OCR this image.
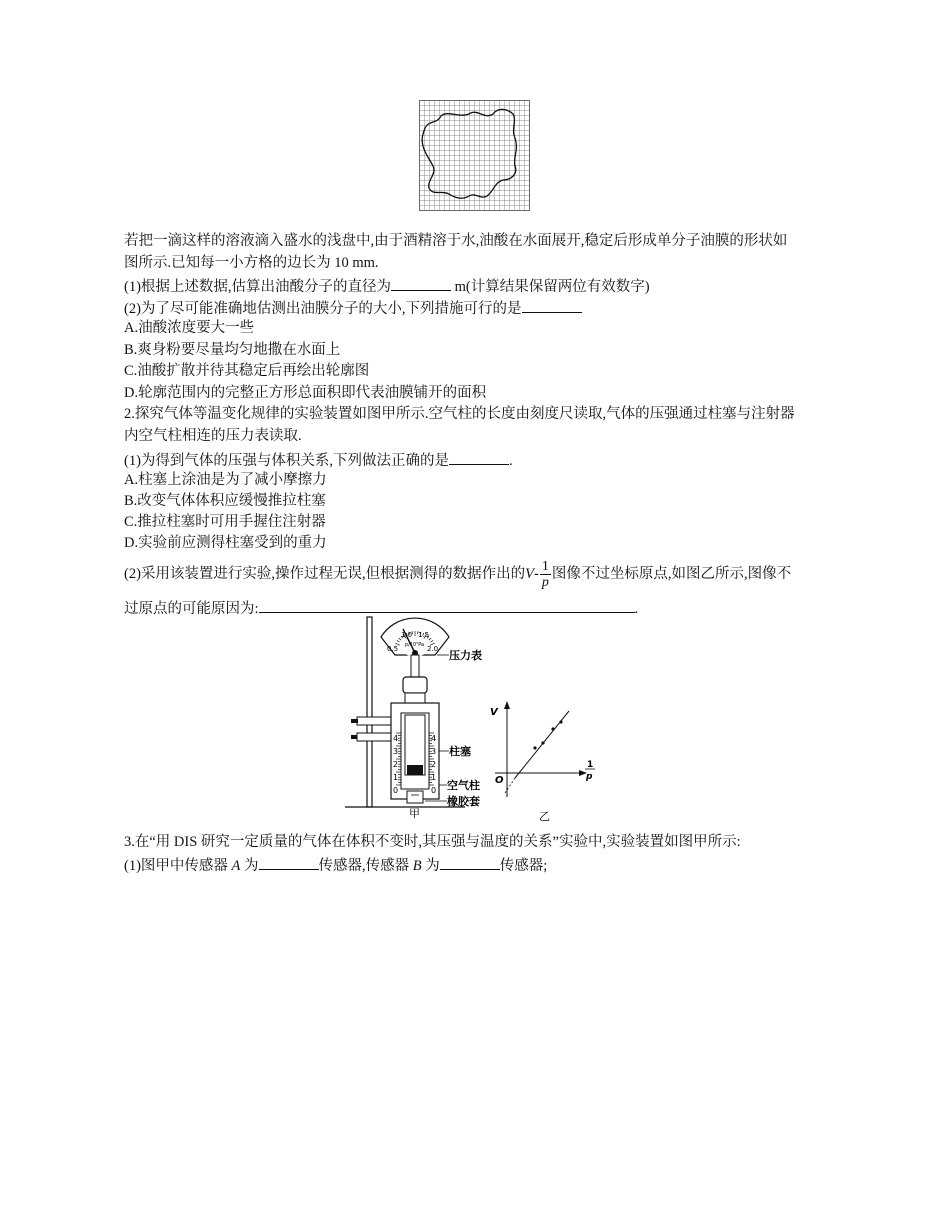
若把一滴这样的溶液滴入盛水的浅盘中,由于酒精溶于水,油酸在水面展开,稳定后形成单分子油膜的形状如
图所示.已知每一小方格的边长为 10 mm.
(1)根据上述数据,估算出油酸分子的直径为	m(计算结果保留两位有效数字)
(2)为了尽可能准确地估测出油膜分子的大小,下列措施可行的是
A.油酸浓度要大一些
B.爽身粉要尽量均匀地撒在水面上
C.油酸扩散并待其稳定后再绘出轮廓图
D.轮廓范围内的完整正方形总面积即代表油膜铺开的面积
2.探究气体等温变化规律的实验装置如图甲所示.空气柱的长度由刻度尺读取,气体的压强通过柱塞与注射器
内空气柱相连的压力表读取.
(1)为得到气体的压强与体积关系,下列做法正确的是	.
A.柱塞上涂油是为了减小摩擦力
B.改变气体体积应缓慢推拉柱塞
C.推拉柱塞时可用手握住注射器
D.实验前应测得柱塞受到的重力
(2)采用该装置进行实验,操作过程无误,但根据测得的数据作出的$V- \frac{1}{p}$ 图像不过坐标原点,如图乙所示,图像不
过原点的可能原因为:	.
0.5
1.0 1.5
2.0
p/10⁵Pa
压力表
4
3
2
1
0
4
3
2
1
0
柱塞
空气柱
橡胶套
甲
V
O
1
p
乙
3.在“用 DIS 研究一定质量的气体在体积不变时,其压强与温度的关系”实验中,实验装置如图甲所示:
(1)图甲中传感器 A 为	传感器,传感器 B 为	传感器;
